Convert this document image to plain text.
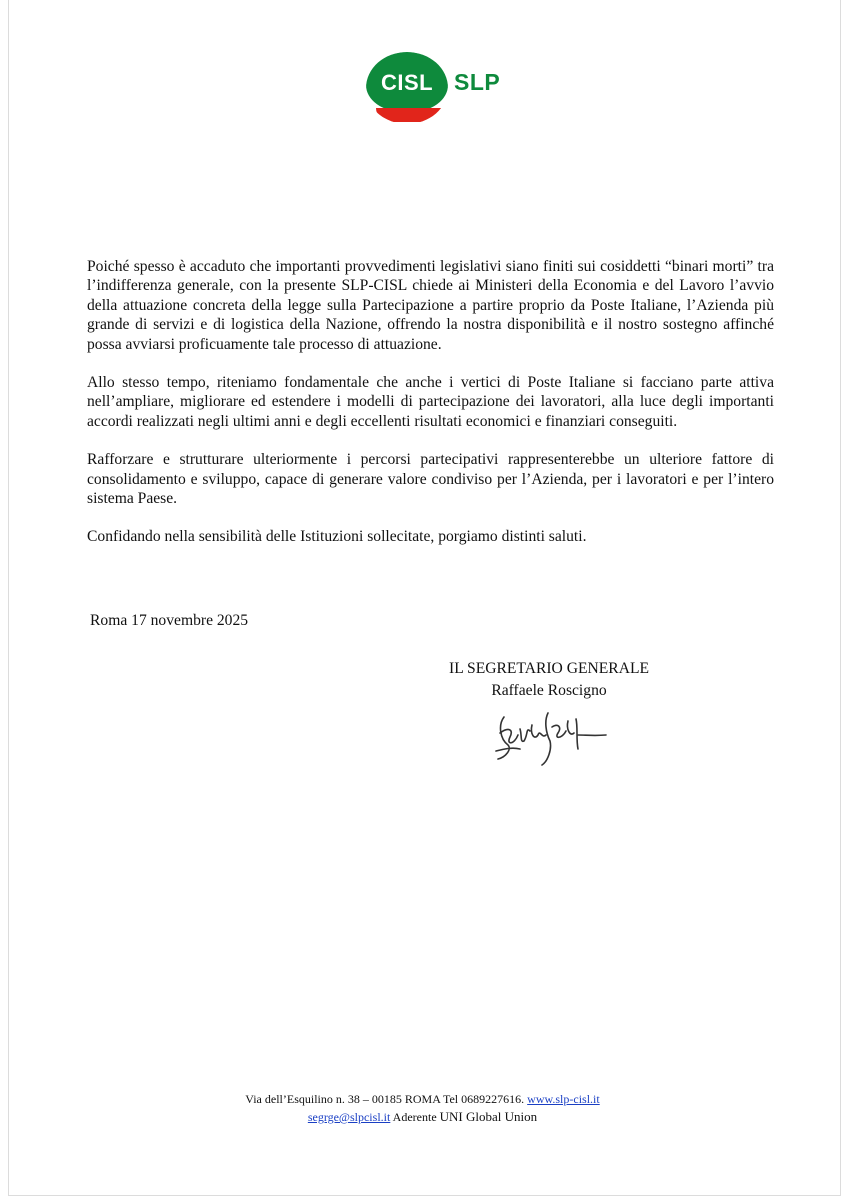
CISL SLP

Poiché spesso è accaduto che importanti provvedimenti legislativi siano finiti sui cosiddetti “binari morti” tra l’indifferenza generale, con la presente SLP-CISL chiede ai Ministeri della Economia e del Lavoro l’avvio della attuazione concreta della legge sulla Partecipazione a partire proprio da Poste Italiane, l’Azienda più grande di servizi e di logistica della Nazione, offrendo la nostra disponibilità e il nostro sostegno affinché possa avviarsi proficuamente tale processo di attuazione.

Allo stesso tempo, riteniamo fondamentale che anche i vertici di Poste Italiane si facciano parte attiva nell’ampliare, migliorare ed estendere i modelli di partecipazione dei lavoratori, alla luce degli importanti accordi realizzati negli ultimi anni e degli eccellenti risultati economici e finanziari conseguiti.

Rafforzare e strutturare ulteriormente i percorsi partecipativi rappresenterebbe un ulteriore fattore di consolidamento e sviluppo, capace di generare valore condiviso per l’Azienda, per i lavoratori e per l’intero sistema Paese.

Confidando nella sensibilità delle Istituzioni sollecitate, porgiamo distinti saluti.

Roma 17 novembre 2025
IL SEGRETARIO GENERALE
Raffaele Roscigno
Via dell’Esquilino n. 38 – 00185 ROMA Tel 0689227616. www.slp-cisl.it
segrge@slpcisl.it Aderente UNI Global Union
